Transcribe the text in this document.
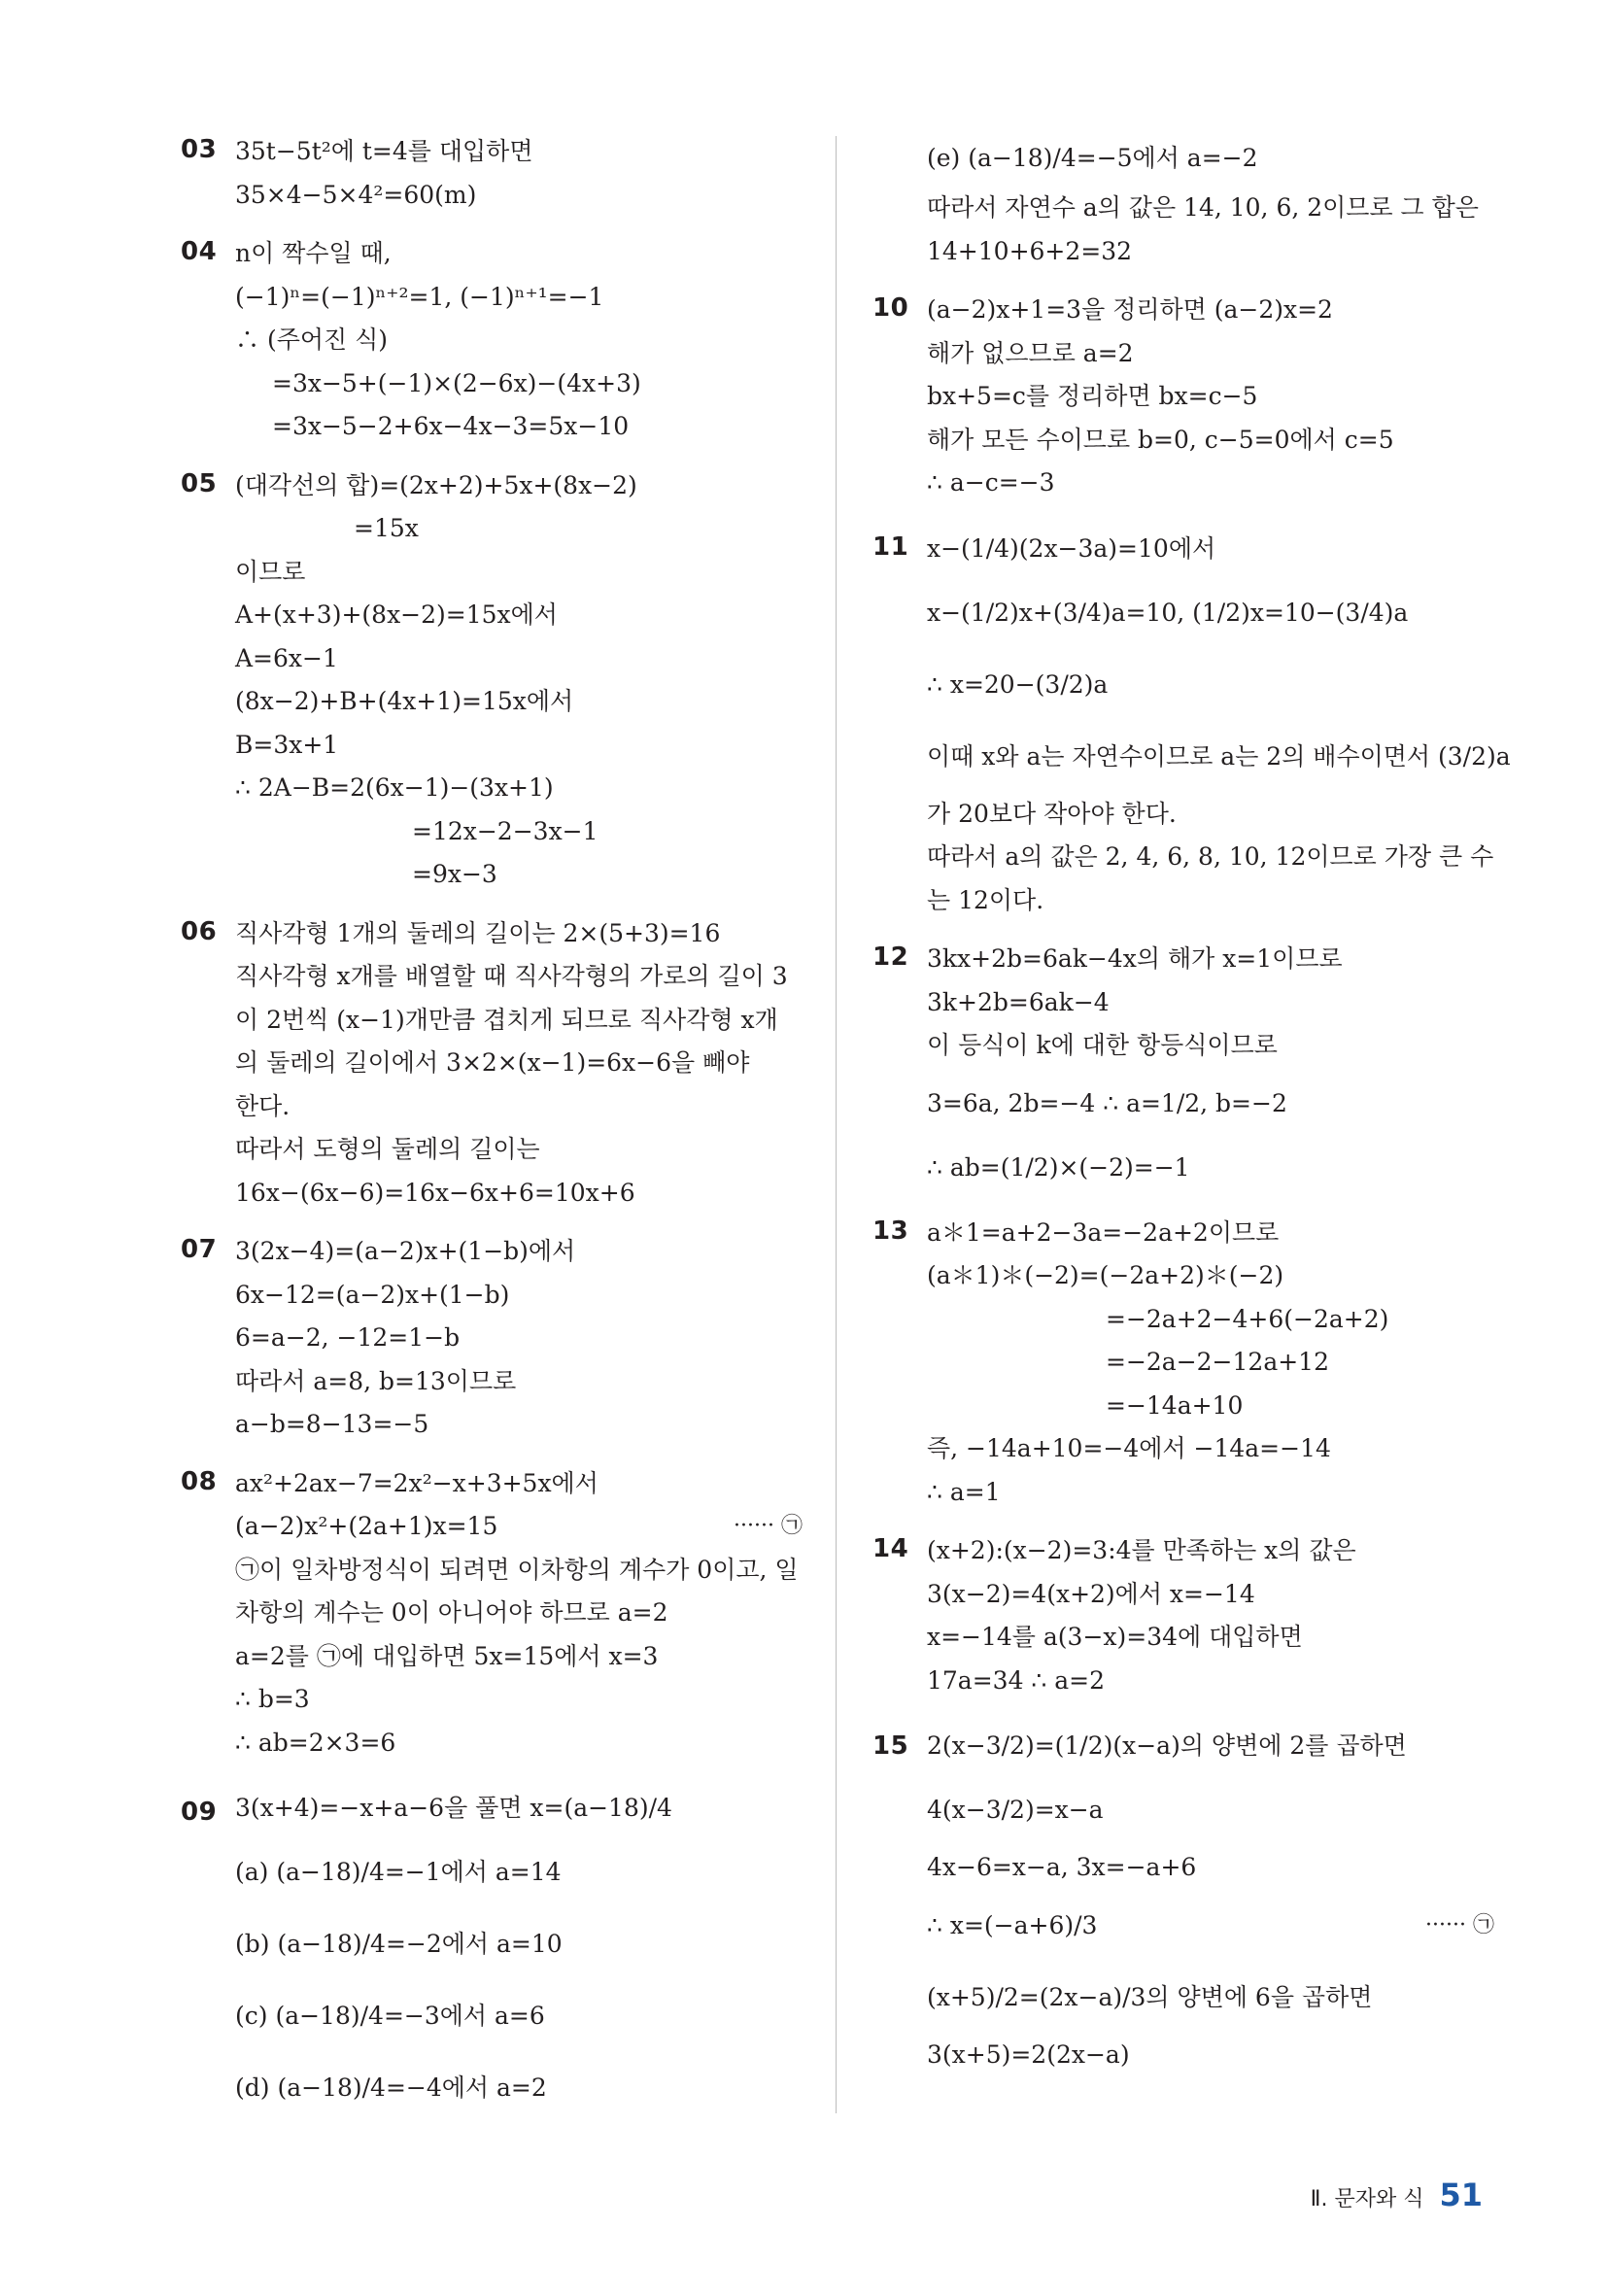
03 35t−5t²에 t=4를 대입하면
35×4−5×4²=60(m)
04 n이 짝수일 때,
(−1)ⁿ=(−1)ⁿ⁺²=1, (−1)ⁿ⁺¹=−1
∴ (주어진 식)
=3x−5+(−1)×(2−6x)−(4x+3)
=3x−5−2+6x−4x−3=5x−10
05 (대각선의 합)=(2x+2)+5x+(8x−2)
=15x
이므로
A+(x+3)+(8x−2)=15x에서
A=6x−1
(8x−2)+B+(4x+1)=15x에서
B=3x+1
∴ 2A−B=2(6x−1)−(3x+1)
=12x−2−3x−1
=9x−3
06 직사각형 1개의 둘레의 길이는 2×(5+3)=16
직사각형 x개를 배열할 때 직사각형의 가로의 길이 3
이 2번씩 (x−1)개만큼 겹치게 되므로 직사각형 x개
의 둘레의 길이에서 3×2×(x−1)=6x−6을 빼야
한다.
따라서 도형의 둘레의 길이는
16x−(6x−6)=16x−6x+6=10x+6
07 3(2x−4)=(a−2)x+(1−b)에서
6x−12=(a−2)x+(1−b)
6=a−2, −12=1−b
따라서 a=8, b=13이므로
a−b=8−13=−5
08 ax²+2ax−7=2x²−x+3+5x에서
(a−2)x²+(2a+1)x=15	······ ㉠
㉠이 일차방정식이 되려면 이차항의 계수가 0이고, 일
차항의 계수는 0이 아니어야 하므로 a=2
a=2를 ㉠에 대입하면 5x=15에서 x=3
∴ b=3
∴ ab=2×3=6
09 3(x+4)=−x+a−6을 풀면 x=(a−18)/4
(a) (a−18)/4=−1에서 a=14
(b) (a−18)/4=−2에서 a=10
(c) (a−18)/4=−3에서 a=6
(d) (a−18)/4=−4에서 a=2
(e) (a−18)/4=−5에서 a=−2
따라서 자연수 a의 값은 14, 10, 6, 2이므로 그 합은
14+10+6+2=32
10 (a−2)x+1=3을 정리하면 (a−2)x=2
해가 없으므로 a=2
bx+5=c를 정리하면 bx=c−5
해가 모든 수이므로 b=0, c−5=0에서 c=5
∴ a−c=−3
11 x−(1/4)(2x−3a)=10에서
x−(1/2)x+(3/4)a=10, (1/2)x=10−(3/4)a
∴ x=20−(3/2)a
이때 x와 a는 자연수이므로 a는 2의 배수이면서 (3/2)a
가 20보다 작아야 한다.
따라서 a의 값은 2, 4, 6, 8, 10, 12이므로 가장 큰 수
는 12이다.
12 3kx+2b=6ak−4x의 해가 x=1이므로
3k+2b=6ak−4
이 등식이 k에 대한 항등식이므로
3=6a, 2b=−4 ∴ a=1/2, b=−2
∴ ab=(1/2)×(−2)=−1
13 a＊1=a+2−3a=−2a+2이므로
(a＊1)＊(−2)=(−2a+2)＊(−2)
=−2a+2−4+6(−2a+2)
=−2a−2−12a+12
=−14a+10
즉, −14a+10=−4에서 −14a=−14
∴ a=1
14 (x+2):(x−2)=3:4를 만족하는 x의 값은
3(x−2)=4(x+2)에서 x=−14
x=−14를 a(3−x)=34에 대입하면
17a=34 ∴ a=2
15 2(x−3/2)=(1/2)(x−a)의 양변에 2를 곱하면
4(x−3/2)=x−a
4x−6=x−a, 3x=−a+6
∴ x=(−a+6)/3	······ ㉠
(x+5)/2=(2x−a)/3의 양변에 6을 곱하면
3(x+5)=2(2x−a)
Ⅱ. 문자와 식 51
